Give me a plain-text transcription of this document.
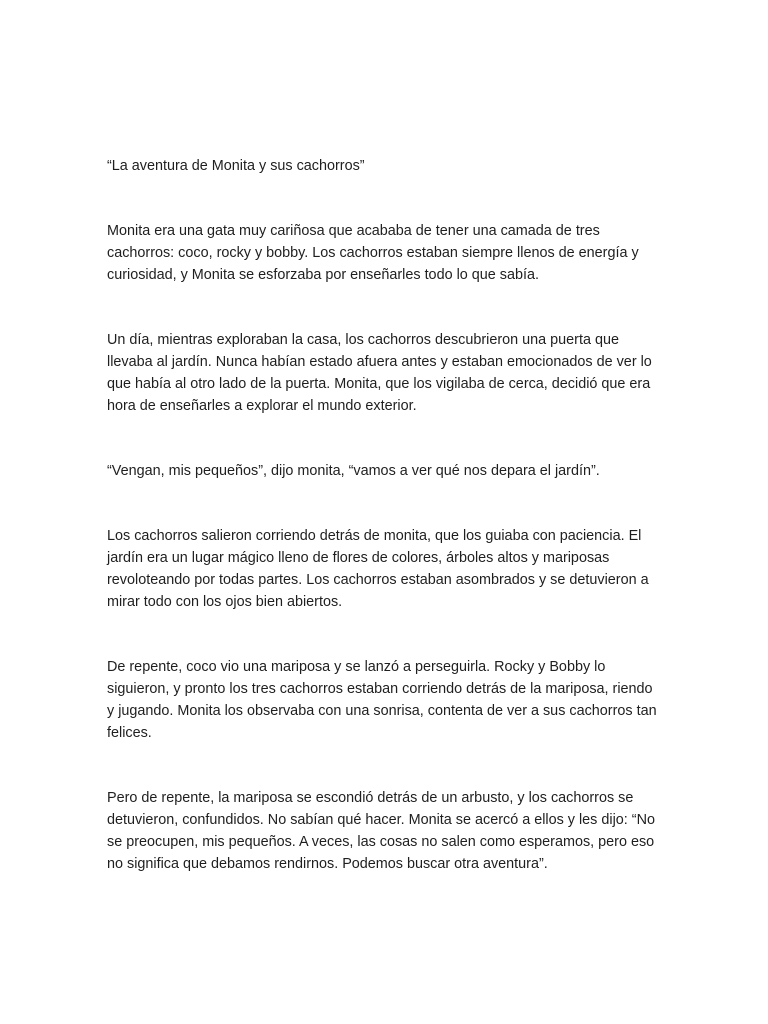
“La aventura de Monita y sus cachorros”

Monita era una gata muy cariñosa que acababa de tener una camada de tres cachorros: coco, rocky y bobby. Los cachorros estaban siempre llenos de energía y curiosidad, y Monita se esforzaba por enseñarles todo lo que sabía.

Un día, mientras exploraban la casa, los cachorros descubrieron una puerta que llevaba al jardín. Nunca habían estado afuera antes y estaban emocionados de ver lo que había al otro lado de la puerta. Monita, que los vigilaba de cerca, decidió que era hora de enseñarles a explorar el mundo exterior.

“Vengan, mis pequeños”, dijo monita, “vamos a ver qué nos depara el jardín”.

Los cachorros salieron corriendo detrás de monita, que los guiaba con paciencia. El jardín era un lugar mágico lleno de flores de colores, árboles altos y mariposas revoloteando por todas partes. Los cachorros estaban asombrados y se detuvieron a mirar todo con los ojos bien abiertos.

De repente, coco vio una mariposa y se lanzó a perseguirla. Rocky y Bobby lo siguieron, y pronto los tres cachorros estaban corriendo detrás de la mariposa, riendo y jugando. Monita los observaba con una sonrisa, contenta de ver a sus cachorros tan felices.

Pero de repente, la mariposa se escondió detrás de un arbusto, y los cachorros se detuvieron, confundidos. No sabían qué hacer. Monita se acercó a ellos y les dijo: “No se preocupen, mis pequeños. A veces, las cosas no salen como esperamos, pero eso no significa que debamos rendirnos. Podemos buscar otra aventura”.
